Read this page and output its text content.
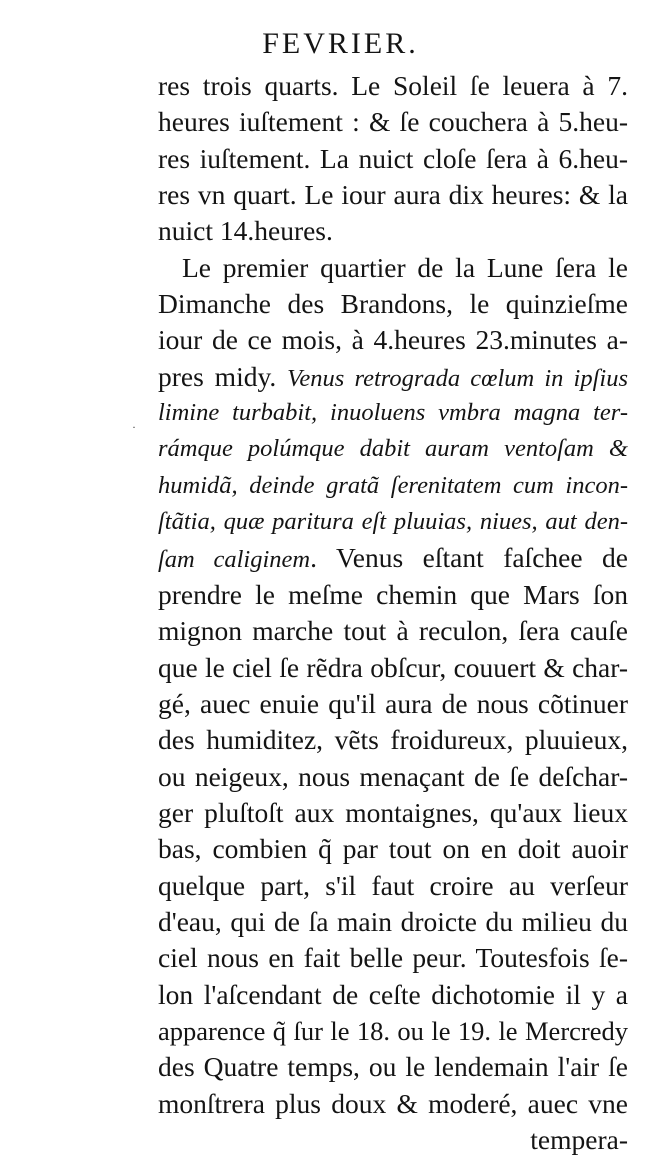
FEVRIER.
·
res trois quarts. Le Soleil ſe leuera à 7.
heures iuſtement : & ſe couchera à 5.heu-
res iuſtement. La nuict cloſe ſera à 6.heu-
res vn quart. Le iour aura dix heures: & la
nuict 14.heures.
Le premier quartier de la Lune ſera le
Dimanche des Brandons, le quinzieſme
iour de ce mois, à 4.heures 23.minutes a-
pres midy. Venus retrograda cœlum in ipſius
limine turbabit, inuoluens vmbra magna ter-
rámque polúmque dabit auram ventoſam &
humidã, deinde gratã ſerenitatem cum incon-
ſtãtia, quæ paritura eſt pluuias, niues, aut den-
ſam caliginem. Venus eſtant faſchee de
prendre le meſme chemin que Mars ſon
mignon marche tout à reculon, ſera cauſe
que le ciel ſe rẽdra obſcur, couuert & char-
gé, auec enuie qu'il aura de nous cõtinuer
des humiditez, vẽts froidureux, pluuieux,
ou neigeux, nous menaçant de ſe deſchar-
ger pluſtoſt aux montaignes, qu'aux lieux
bas, combien q̃ par tout on en doit auoir
quelque part, s'il faut croire au verſeur
d'eau, qui de ſa main droicte du milieu du
ciel nous en fait belle peur. Toutesfois ſe-
lon l'aſcendant de ceſte dichotomie il y a
apparence q̃ ſur le 18. ou le 19. le Mercredy
des Quatre temps, ou le lendemain l'air ſe
monſtrera plus doux & moderé, auec vne
tempera-
